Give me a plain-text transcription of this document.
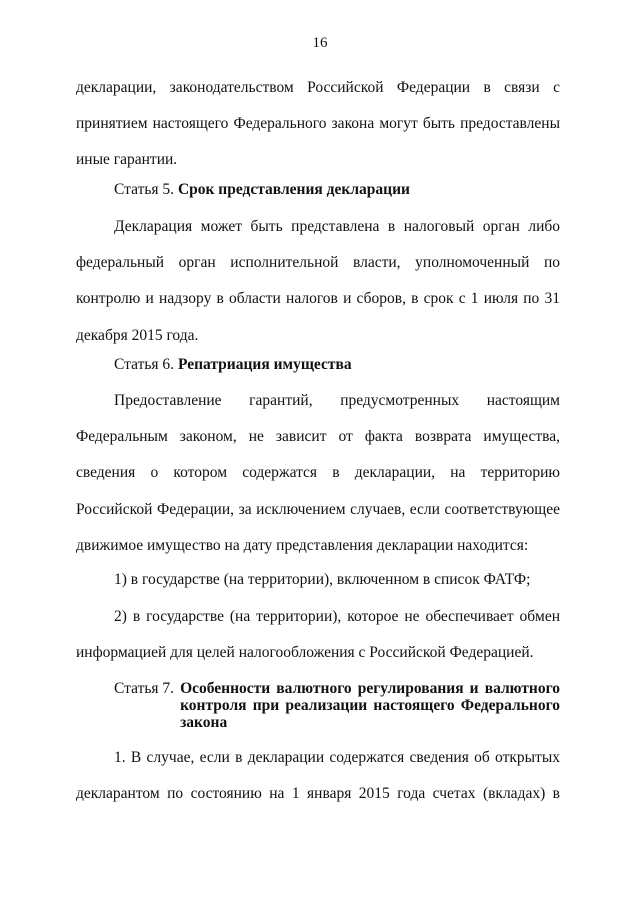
16

декларации, законодательством Российской Федерации в связи с принятием настоящего Федерального закона могут быть предоставлены иные гарантии.

Статья 5. Срок представления декларации

Декларация может быть представлена в налоговый орган либо федеральный орган исполнительной власти, уполномоченный по контролю и надзору в области налогов и сборов, в срок с 1 июля по 31 декабря 2015 года.

Статья 6. Репатриация имущества

Предоставление гарантий, предусмотренных настоящим Федеральным законом, не зависит от факта возврата имущества, сведения о котором содержатся в декларации, на территорию Российской Федерации, за исключением случаев, если соответствующее движимое имущество на дату представления декларации находится:

1) в государстве (на территории), включенном в список ФАТФ;

2) в государстве (на территории), которое не обеспечивает обмен информацией для целей налогообложения с Российской Федерацией.

Статья 7. Особенности валютного регулирования и валютного контроля при реализации настоящего Федерального закона

1. В случае, если в декларации содержатся сведения об открытых декларантом по состоянию на 1 января 2015 года счетах (вкладах) в
